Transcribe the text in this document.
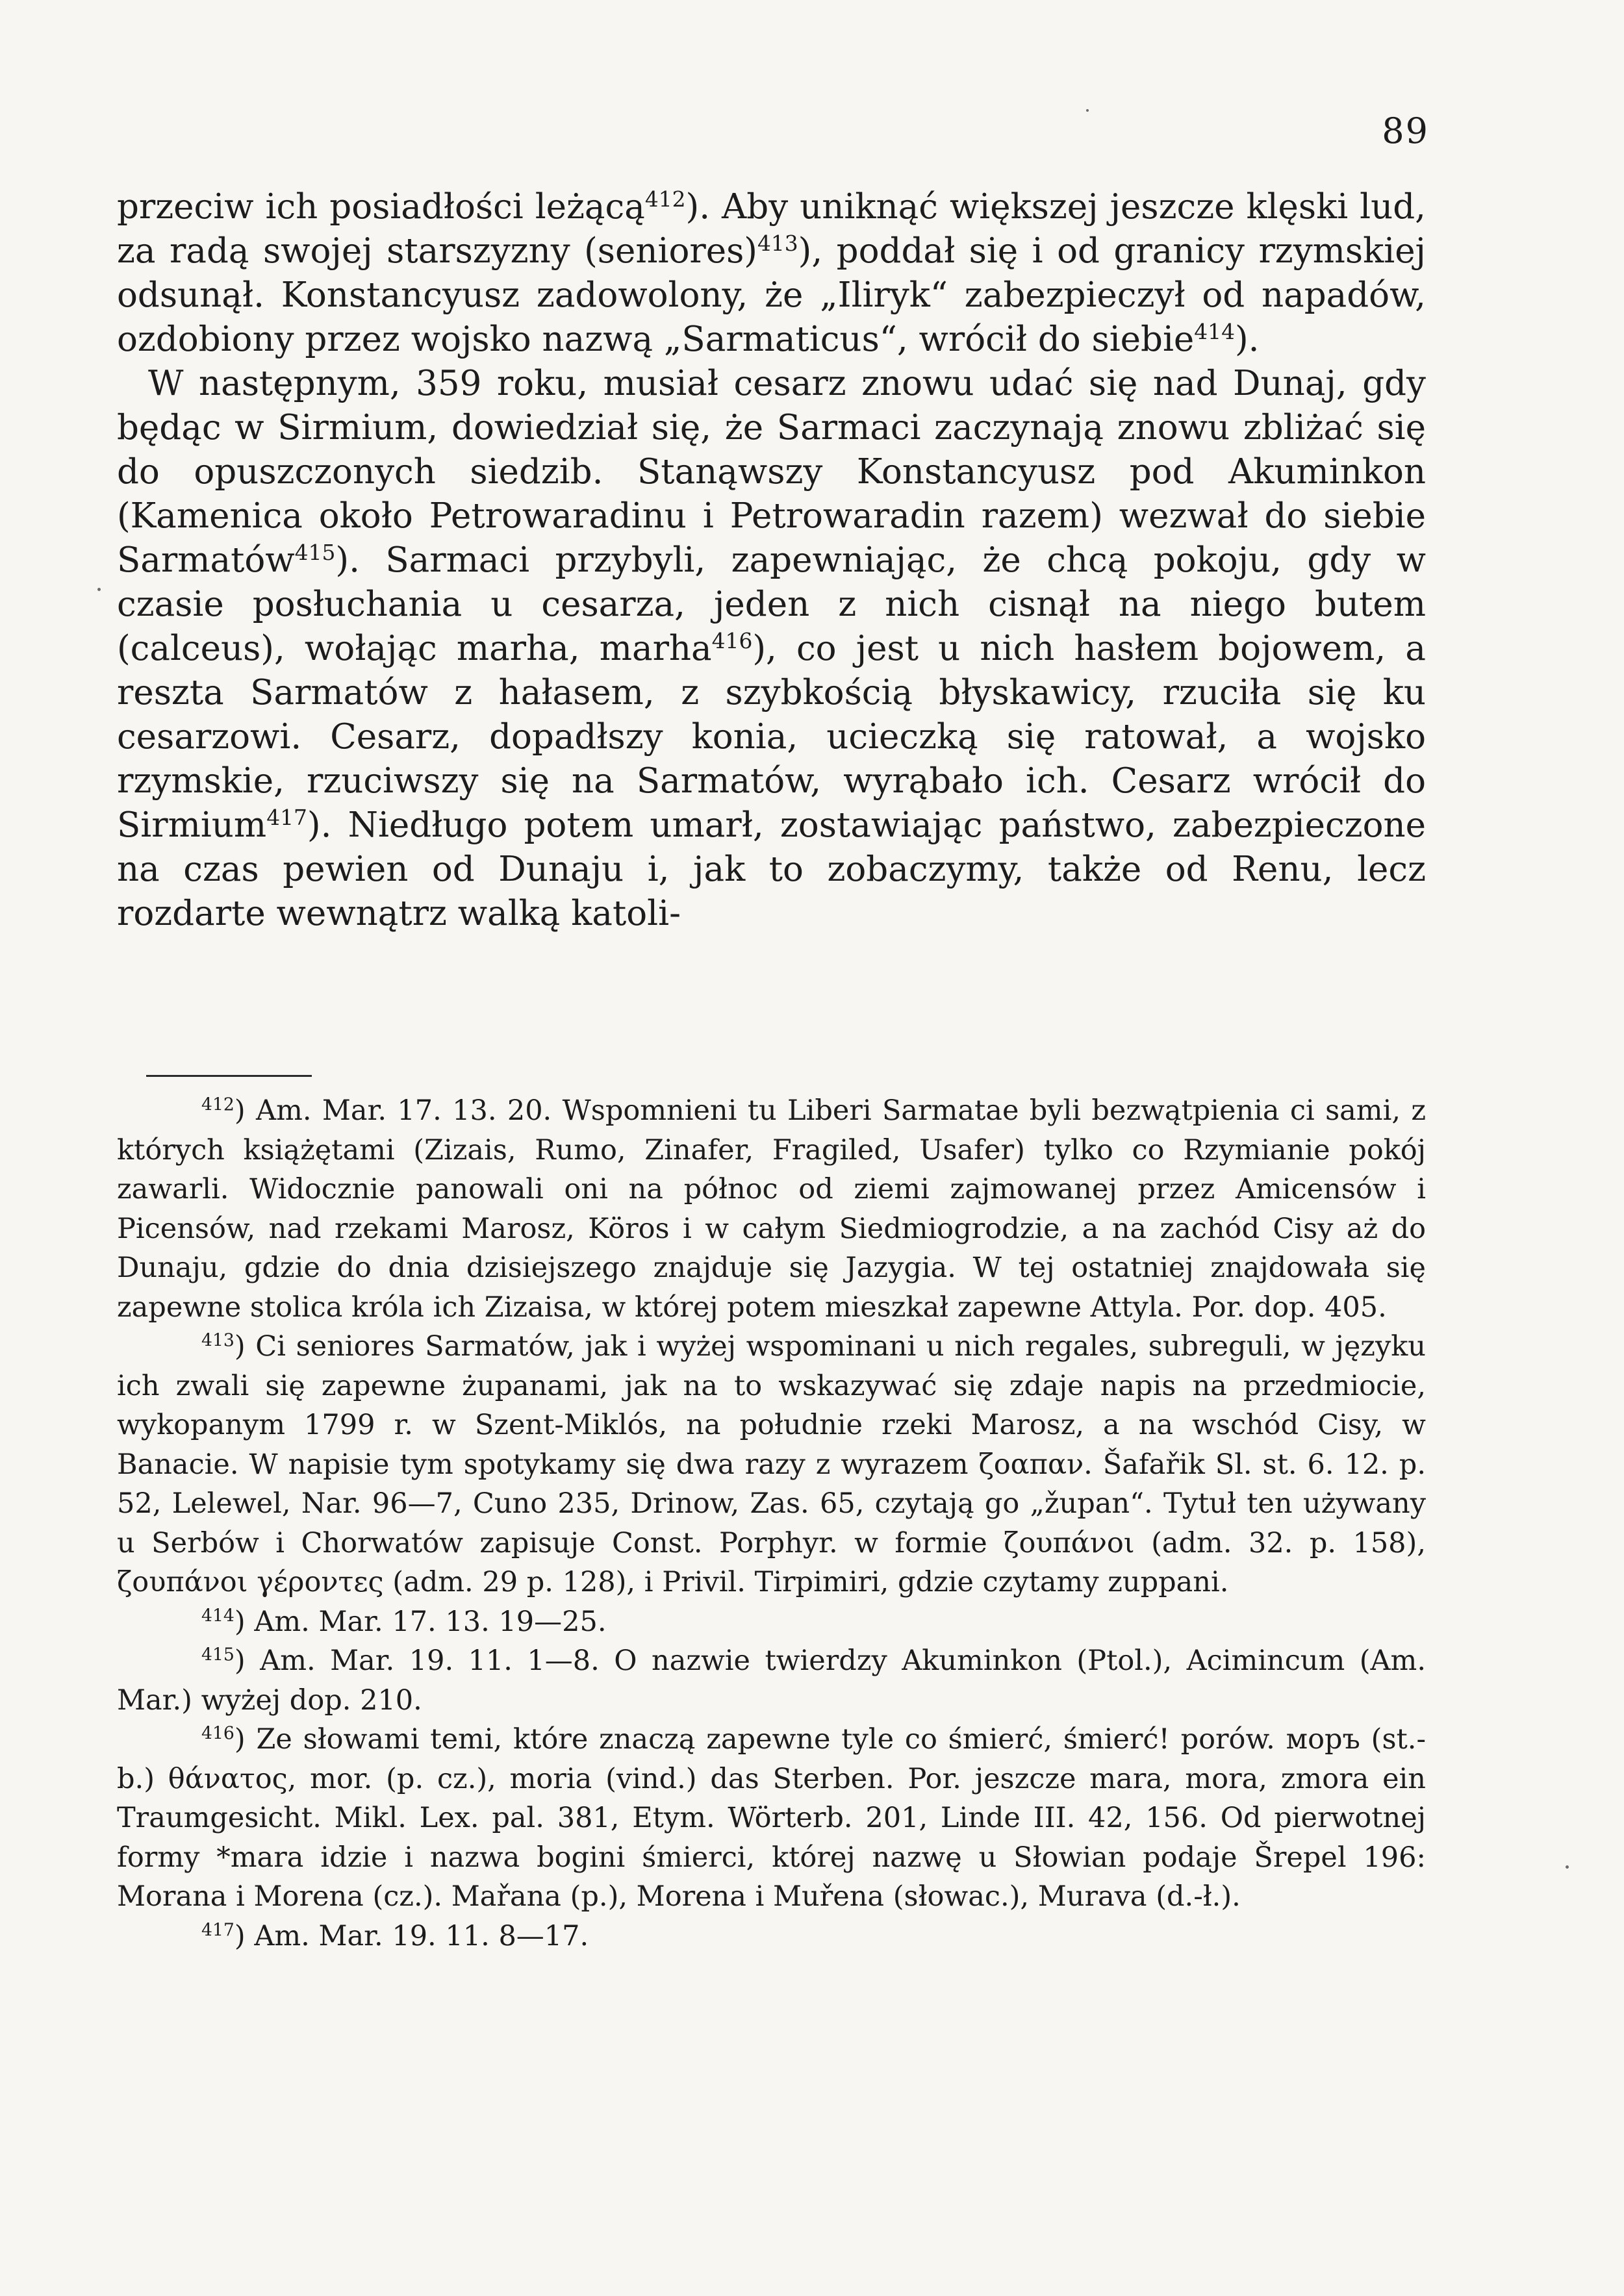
89

przeciw ich posiadłości leżącą$^{412}$). Aby uniknąć większej jeszcze klęski lud, za radą swojej starszyzny (seniores)$^{413}$), poddał się i od granicy rzymskiej odsunął. Konstancyusz zadowolony, że „Iliryk“ zabezpieczył od napadów, ozdobiony przez wojsko nazwą „Sarmaticus“, wrócił do siebie$^{414}$).

W następnym, 359 roku, musiał cesarz znowu udać się nad Dunaj, gdy będąc w Sirmium, dowiedział się, że Sarmaci zaczynają znowu zbliżać się do opuszczonych siedzib. Stanąwszy Konstancyusz pod Akuminkon (Kamenica około Petrowaradinu i Petrowaradin razem) wezwał do siebie Sarmatów$^{415}$). Sarmaci przybyli, zapewniając, że chcą pokoju, gdy w czasie posłuchania u cesarza, jeden z nich cisnął na niego butem (calceus), wołając marha, marha$^{416}$), co jest u nich hasłem bojowem, a reszta Sarmatów z hałasem, z szybkością błyskawicy, rzuciła się ku cesarzowi. Cesarz, dopadłszy konia, ucieczką się ratował, a wojsko rzymskie, rzuciwszy się na Sarmatów, wyrąbało ich. Cesarz wrócił do Sirmium$^{417}$). Niedługo potem umarł, zostawiając państwo, zabezpieczone na czas pewien od Dunaju i, jak to zobaczymy, także od Renu, lecz rozdarte wewnątrz walką katoli-

$^{412}$) Am. Mar. 17. 13. 20. Wspomnieni tu Liberi Sarmatae byli bezwątpienia ci sami, z których książętami (Zizais, Rumo, Zinafer, Fragiled, Usafer) tylko co Rzymianie pokój zawarli. Widocznie panowali oni na północ od ziemi zajmowanej przez Amicensów i Picensów, nad rzekami Marosz, Köros i w całym Siedmiogrodzie, a na zachód Cisy aż do Dunaju, gdzie do dnia dzisiejszego znajduje się Jazygia. W tej ostatniej znajdowała się zapewne stolica króla ich Zizaisa, w której potem mieszkał zapewne Attyla. Por. dop. 405.

$^{413}$) Ci seniores Sarmatów, jak i wyżej wspominani u nich regales, subreguli, w języku ich zwali się zapewne żupanami, jak na to wskazywać się zdaje napis na przedmiocie, wykopanym 1799 r. w Szent-Miklós, na południe rzeki Marosz, a na wschód Cisy, w Banacie. W napisie tym spotykamy się dwa razy z wyrazem ζοαπαν. Šafařik Sl. st. 6. 12. p. 52, Lelewel, Nar. 96—7, Cuno 235, Drinow, Zas. 65, czytają go „župan“. Tytuł ten używany u Serbów i Chorwatów zapisuje Const. Porphyr. w formie ζουπάνοι (adm. 32. p. 158), ζουπάνοι γέροντες (adm. 29 p. 128), i Privil. Tirpimiri, gdzie czytamy zuppani.

$^{414}$) Am. Mar. 17. 13. 19—25.

$^{415}$) Am. Mar. 19. 11. 1—8. O nazwie twierdzy Akuminkon (Ptol.), Acimincum (Am. Mar.) wyżej dop. 210.

$^{416}$) Ze słowami temi, które znaczą zapewne tyle co śmierć, śmierć! porów. моръ (st.-b.) θάνατος, mor. (p. cz.), moria (vind.) das Sterben. Por. jeszcze mara, mora, zmora ein Traumgesicht. Mikl. Lex. pal. 381, Etym. Wörterb. 201, Linde III. 42, 156. Od pierwotnej formy *mara idzie i nazwa bogini śmierci, której nazwę u Słowian podaje Šrepel 196: Morana i Morena (cz.). Mařana (p.), Morena i Muřena (słowac.), Murava (d.-ł.).

$^{417}$) Am. Mar. 19. 11. 8—17.
